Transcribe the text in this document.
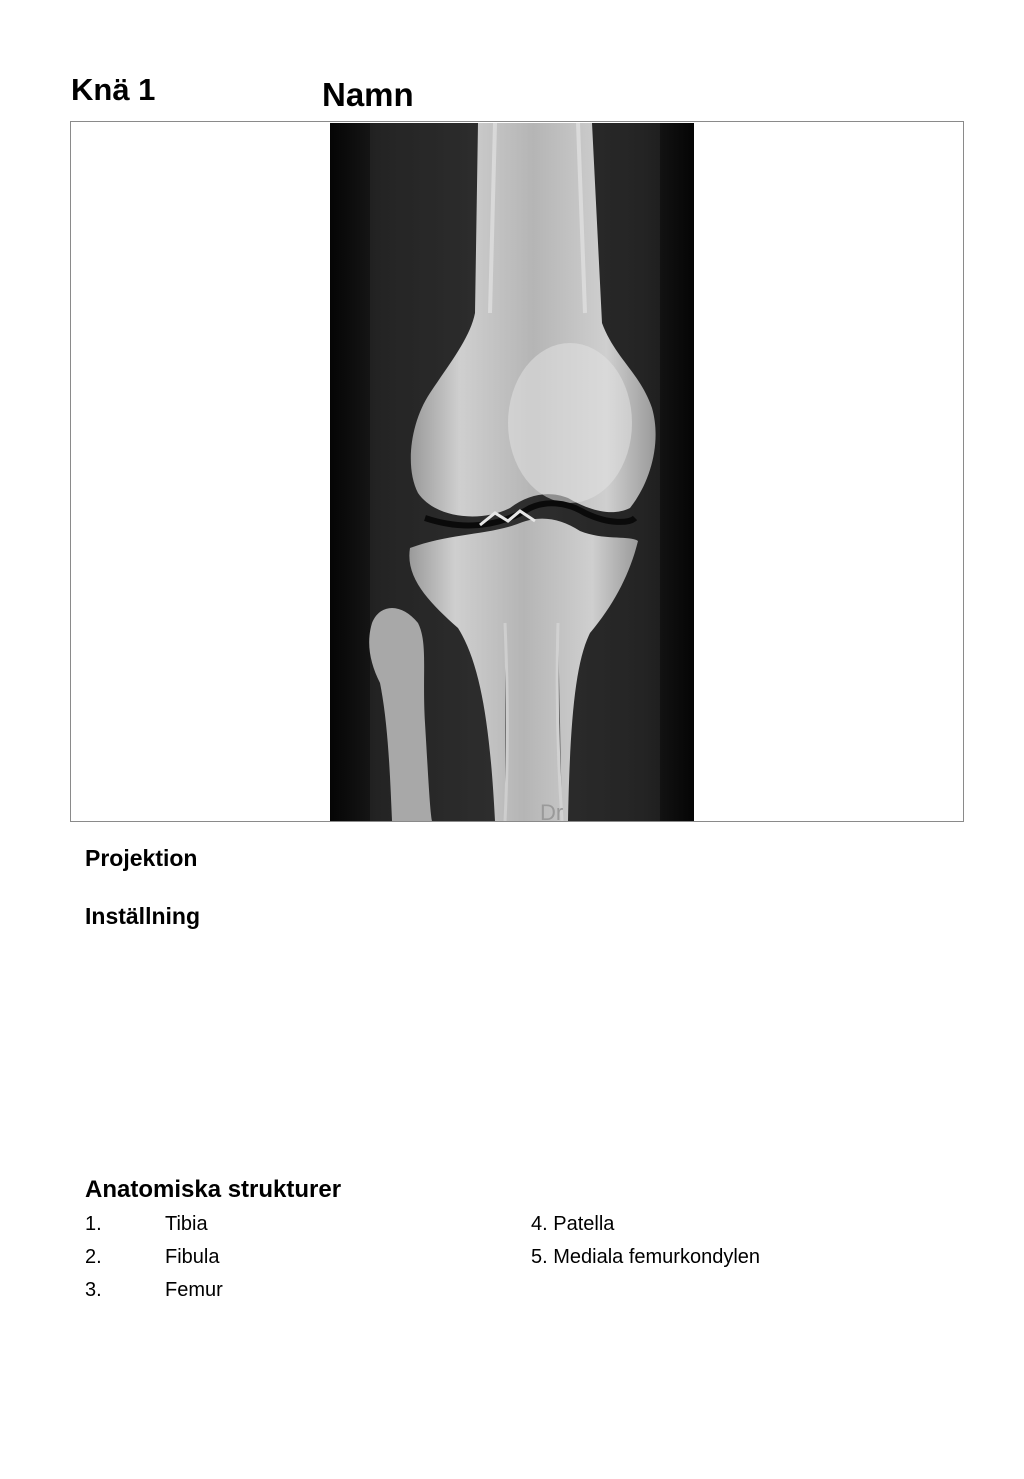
Knä 1	Namn
Dr
Projektion
Inställning
Anatomiska strukturer
1.	Tibia
2.	Fibula
3.	Femur
4. Patella
5. Mediala femurkondylen
